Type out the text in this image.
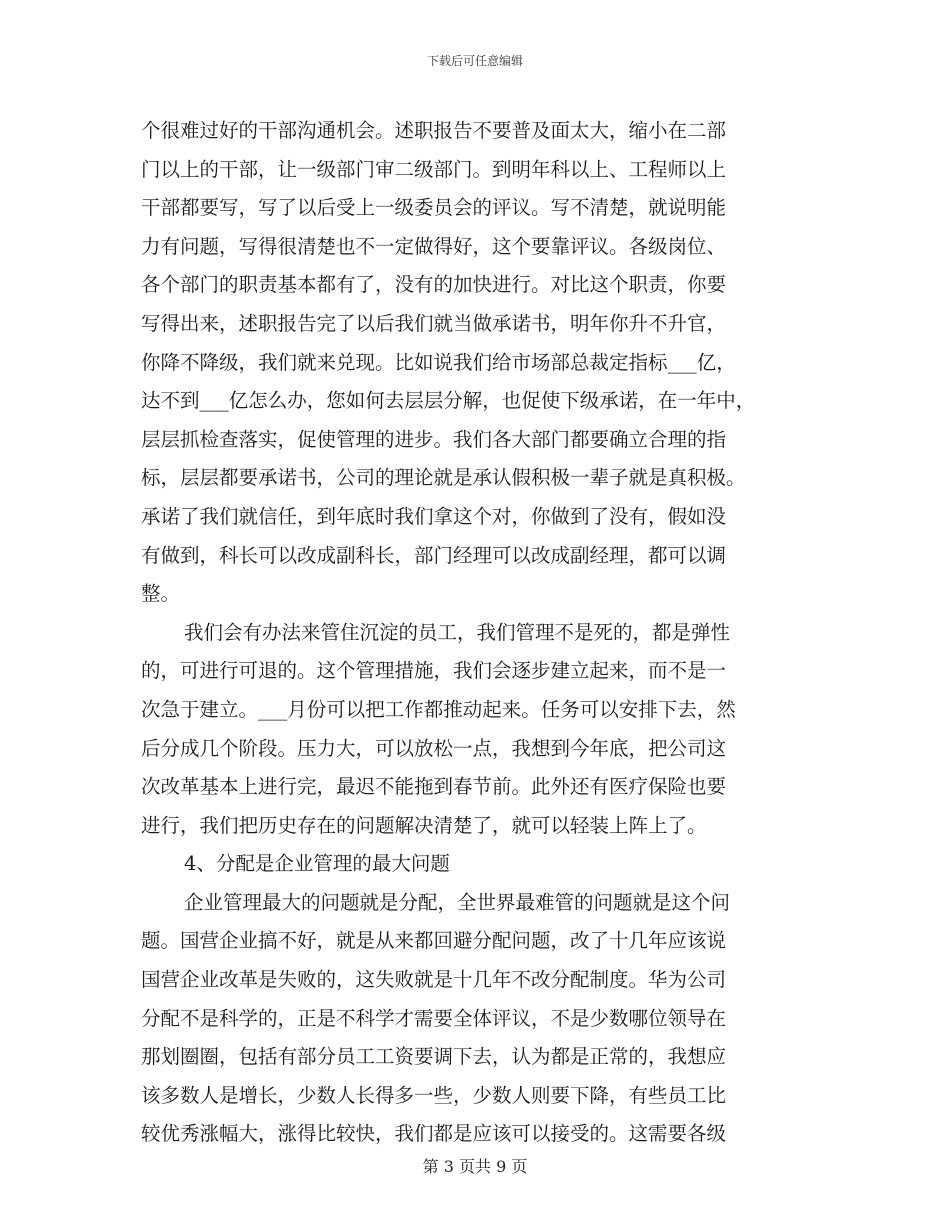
下载后可任意编辑
个很难过好的干部沟通机会。述职报告不要普及面太大，缩小在二部
门以上的干部，让一级部门审二级部门。到明年科以上、工程师以上
干部都要写，写了以后受上一级委员会的评议。写不清楚，就说明能
力有问题，写得很清楚也不一定做得好，这个要靠评议。各级岗位、
各个部门的职责基本都有了，没有的加快进行。对比这个职责，你要
写得出来，述职报告完了以后我们就当做承诺书，明年你升不升官，
你降不降级，我们就来兑现。比如说我们给市场部总裁定指标___亿，
达不到___亿怎么办，您如何去层层分解，也促使下级承诺，在一年中，
层层抓检查落实，促使管理的进步。我们各大部门都要确立合理的指
标，层层都要承诺书，公司的理论就是承认假积极一辈子就是真积极。
承诺了我们就信任，到年底时我们拿这个对，你做到了没有，假如没
有做到，科长可以改成副科长，部门经理可以改成副经理，都可以调
整。
我们会有办法来管住沉淀的员工，我们管理不是死的，都是弹性
的，可进行可退的。这个管理措施，我们会逐步建立起来，而不是一
次急于建立。___月份可以把工作都推动起来。任务可以安排下去，然
后分成几个阶段。压力大，可以放松一点，我想到今年底，把公司这
次改革基本上进行完，最迟不能拖到春节前。此外还有医疗保险也要
进行，我们把历史存在的问题解决清楚了，就可以轻装上阵上了。
4、分配是企业管理的最大问题
企业管理最大的问题就是分配，全世界最难管的问题就是这个问
题。国营企业搞不好，就是从来都回避分配问题，改了十几年应该说
国营企业改革是失败的，这失败就是十几年不改分配制度。华为公司
分配不是科学的，正是不科学才需要全体评议，不是少数哪位领导在
那划圈圈，包括有部分员工工资要调下去，认为都是正常的，我想应
该多数人是增长，少数人长得多一些，少数人则要下降，有些员工比
较优秀涨幅大，涨得比较快，我们都是应该可以接受的。这需要各级
第 3 页共 9 页
